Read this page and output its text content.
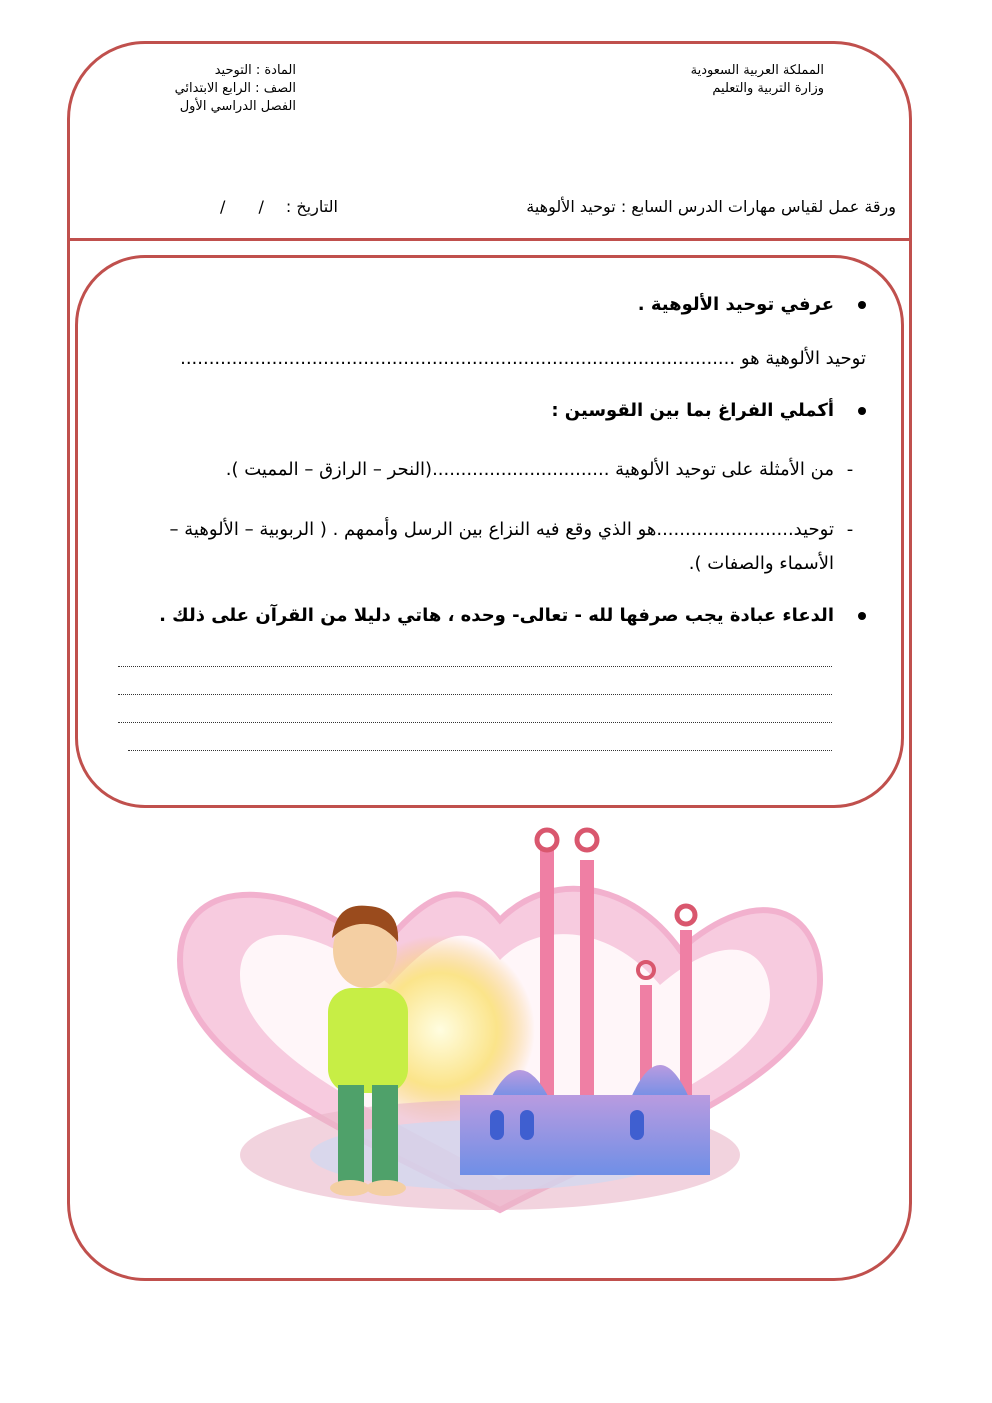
المملكة العربية السعودية
وزارة التربية والتعليم
المادة : التوحيد
الصف : الرابع الابتدائي
الفصل الدراسي الأول
ورقة عمل لقياس مهارات الدرس السابع : توحيد الألوهية
التاريخ :
/ /
عرفي توحيد الألوهية .
توحيد الألوهية هو .................................................................................................
أكملي الفراغ بما بين القوسين :
-
من الأمثلة على توحيد الألوهية ...............................(النحر – الرازق – المميت ).
-
توحيد........................هو الذي وقع فيه النزاع بين الرسل وأممهم . ( الربوبية – الألوهية – الأسماء والصفات ).
الدعاء عبادة يجب صرفها لله - تعالى- وحده ، هاتي دليلا من القرآن على ذلك .
